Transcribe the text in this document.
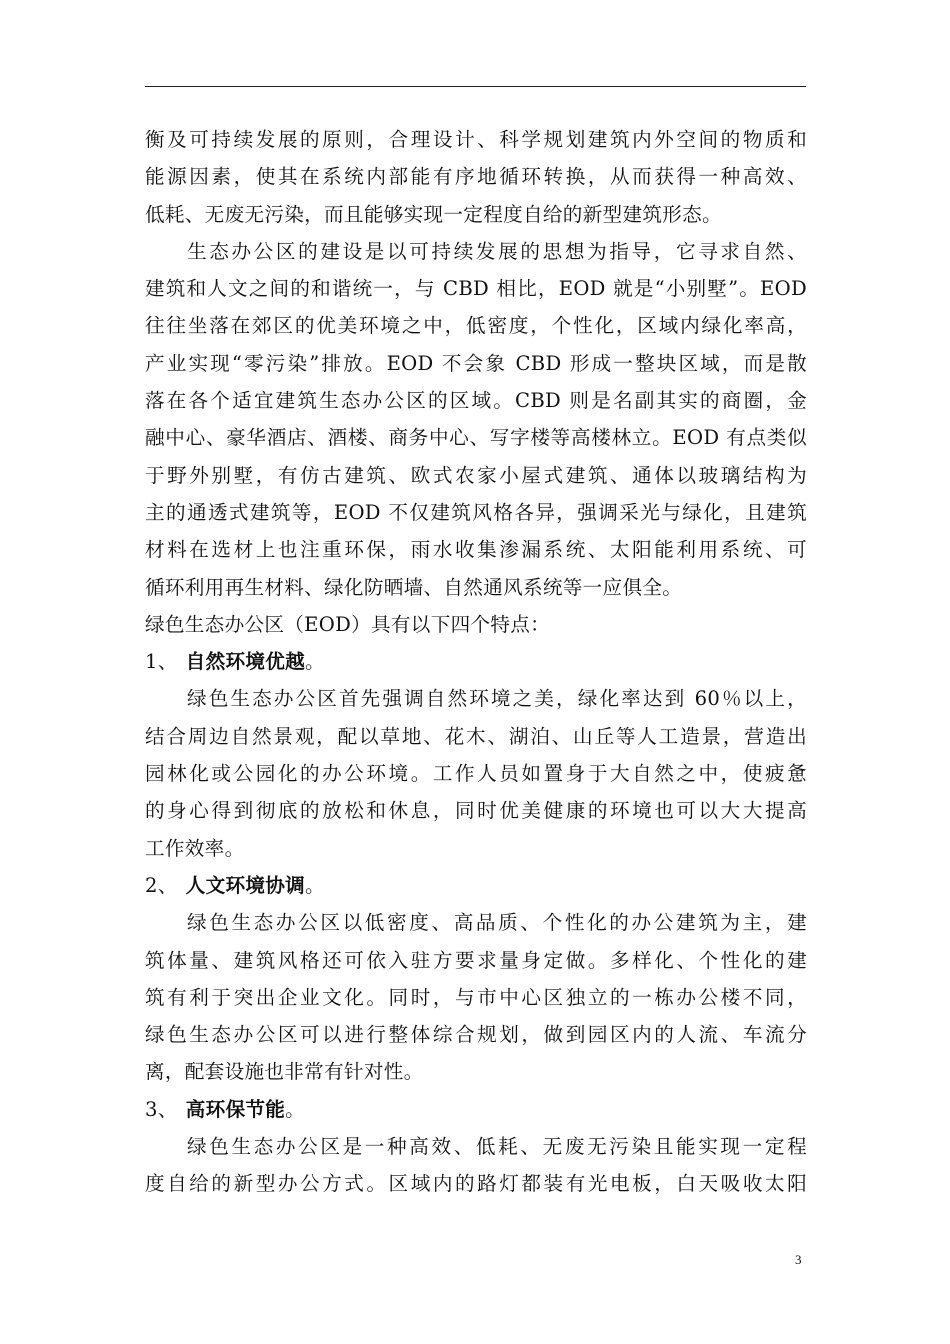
衡及可持续发展的原则，合理设计、科学规划建筑内外空间的物质和
能源因素，使其在系统内部能有序地循环转换，从而获得一种高效、
低耗、无废无污染，而且能够实现一定程度自给的新型建筑形态。
生态办公区的建设是以可持续发展的思想为指导，它寻求自然、
建筑和人文之间的和谐统一，与 CBD 相比，EOD 就是“小别墅”。EOD
往往坐落在郊区的优美环境之中，低密度，个性化，区域内绿化率高，
产业实现“零污染”排放。EOD 不会象 CBD 形成一整块区域，而是散
落在各个适宜建筑生态办公区的区域。CBD 则是名副其实的商圈，金
融中心、豪华酒店、酒楼、商务中心、写字楼等高楼林立。EOD 有点类似
于野外别墅，有仿古建筑、欧式农家小屋式建筑、通体以玻璃结构为
主的通透式建筑等，EOD 不仅建筑风格各异，强调采光与绿化，且建筑
材料在选材上也注重环保，雨水收集渗漏系统、太阳能利用系统、可
循环利用再生材料、绿化防晒墙、自然通风系统等一应俱全。
绿色生态办公区（EOD）具有以下四个特点：
1、 自然环境优越。
绿色生态办公区首先强调自然环境之美，绿化率达到 60％以上，
结合周边自然景观，配以草地、花木、湖泊、山丘等人工造景，营造出
园林化或公园化的办公环境。工作人员如置身于大自然之中，使疲惫
的身心得到彻底的放松和休息，同时优美健康的环境也可以大大提高
工作效率。
2、 人文环境协调。
绿色生态办公区以低密度、高品质、个性化的办公建筑为主，建
筑体量、建筑风格还可依入驻方要求量身定做。多样化、个性化的建
筑有利于突出企业文化。同时，与市中心区独立的一栋办公楼不同，
绿色生态办公区可以进行整体综合规划，做到园区内的人流、车流分
离，配套设施也非常有针对性。
3、 高环保节能。
绿色生态办公区是一种高效、低耗、无废无污染且能实现一定程
度自给的新型办公方式。区域内的路灯都装有光电板，白天吸收太阳
3
